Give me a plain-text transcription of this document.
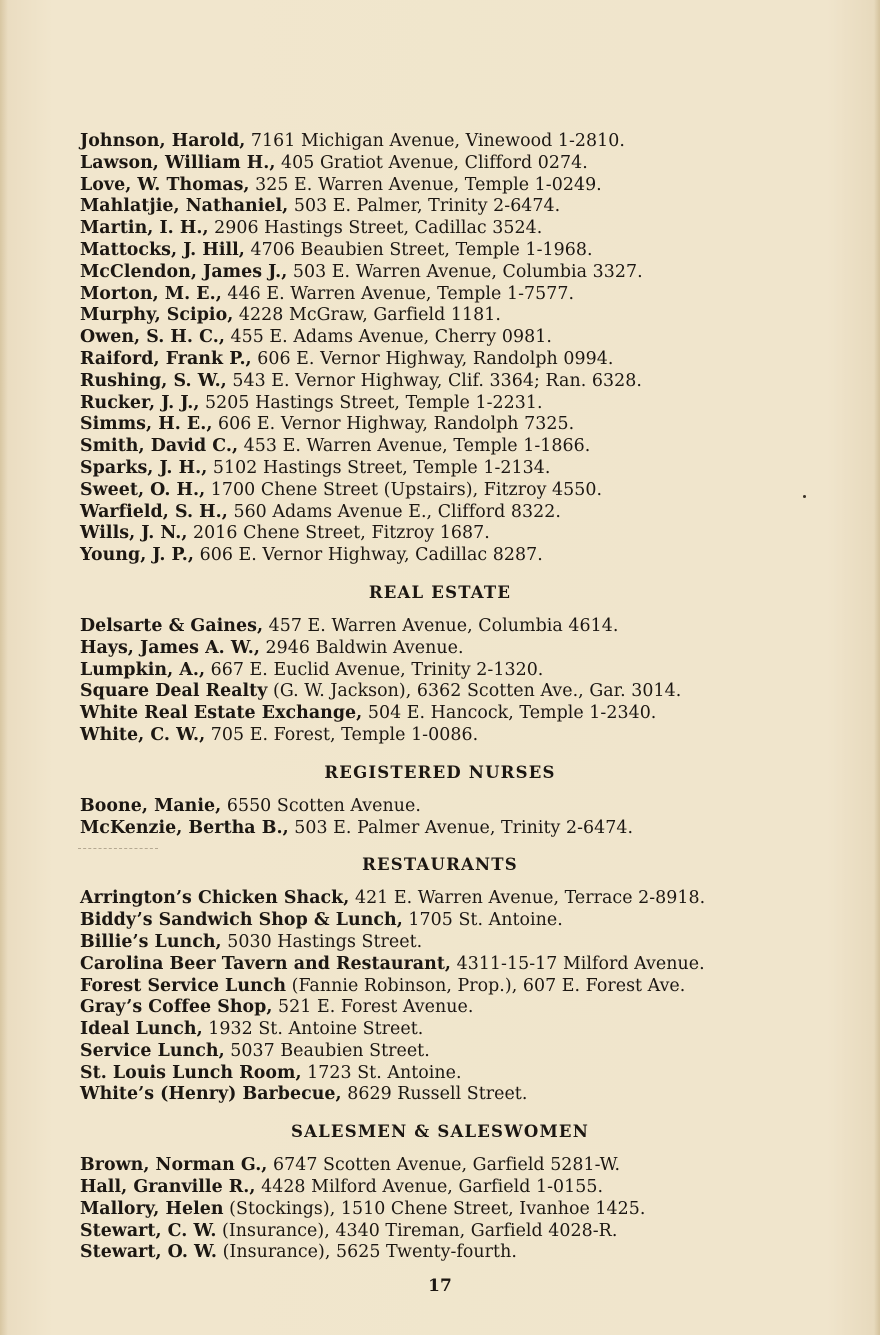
Johnson, Harold, 7161 Michigan Avenue, Vinewood 1-2810.
Lawson, William H., 405 Gratiot Avenue, Clifford 0274.
Love, W. Thomas, 325 E. Warren Avenue, Temple 1-0249.
Mahlatjie, Nathaniel, 503 E. Palmer, Trinity 2-6474.
Martin, I. H., 2906 Hastings Street, Cadillac 3524.
Mattocks, J. Hill, 4706 Beaubien Street, Temple 1-1968.
McClendon, James J., 503 E. Warren Avenue, Columbia 3327.
Morton, M. E., 446 E. Warren Avenue, Temple 1-7577.
Murphy, Scipio, 4228 McGraw, Garfield 1181.
Owen, S. H. C., 455 E. Adams Avenue, Cherry 0981.
Raiford, Frank P., 606 E. Vernor Highway, Randolph 0994.
Rushing, S. W., 543 E. Vernor Highway, Clif. 3364; Ran. 6328.
Rucker, J. J., 5205 Hastings Street, Temple 1-2231.
Simms, H. E., 606 E. Vernor Highway, Randolph 7325.
Smith, David C., 453 E. Warren Avenue, Temple 1-1866.
Sparks, J. H., 5102 Hastings Street, Temple 1-2134.
Sweet, O. H., 1700 Chene Street (Upstairs), Fitzroy 4550.
Warfield, S. H., 560 Adams Avenue E., Clifford 8322.
Wills, J. N., 2016 Chene Street, Fitzroy 1687.
Young, J. P., 606 E. Vernor Highway, Cadillac 8287.
REAL ESTATE
Delsarte & Gaines, 457 E. Warren Avenue, Columbia 4614.
Hays, James A. W., 2946 Baldwin Avenue.
Lumpkin, A., 667 E. Euclid Avenue, Trinity 2-1320.
Square Deal Realty (G. W. Jackson), 6362 Scotten Ave., Gar. 3014.
White Real Estate Exchange, 504 E. Hancock, Temple 1-2340.
White, C. W., 705 E. Forest, Temple 1-0086.
REGISTERED NURSES
Boone, Manie, 6550 Scotten Avenue.
McKenzie, Bertha B., 503 E. Palmer Avenue, Trinity 2-6474.
RESTAURANTS
Arrington’s Chicken Shack, 421 E. Warren Avenue, Terrace 2-8918.
Biddy’s Sandwich Shop & Lunch, 1705 St. Antoine.
Billie’s Lunch, 5030 Hastings Street.
Carolina Beer Tavern and Restaurant, 4311-15-17 Milford Avenue.
Forest Service Lunch (Fannie Robinson, Prop.), 607 E. Forest Ave.
Gray’s Coffee Shop, 521 E. Forest Avenue.
Ideal Lunch, 1932 St. Antoine Street.
Service Lunch, 5037 Beaubien Street.
St. Louis Lunch Room, 1723 St. Antoine.
White’s (Henry) Barbecue, 8629 Russell Street.
SALESMEN & SALESWOMEN
Brown, Norman G., 6747 Scotten Avenue, Garfield 5281-W.
Hall, Granville R., 4428 Milford Avenue, Garfield 1-0155.
Mallory, Helen (Stockings), 1510 Chene Street, Ivanhoe 1425.
Stewart, C. W. (Insurance), 4340 Tireman, Garfield 4028-R.
Stewart, O. W. (Insurance), 5625 Twenty-fourth.
17
